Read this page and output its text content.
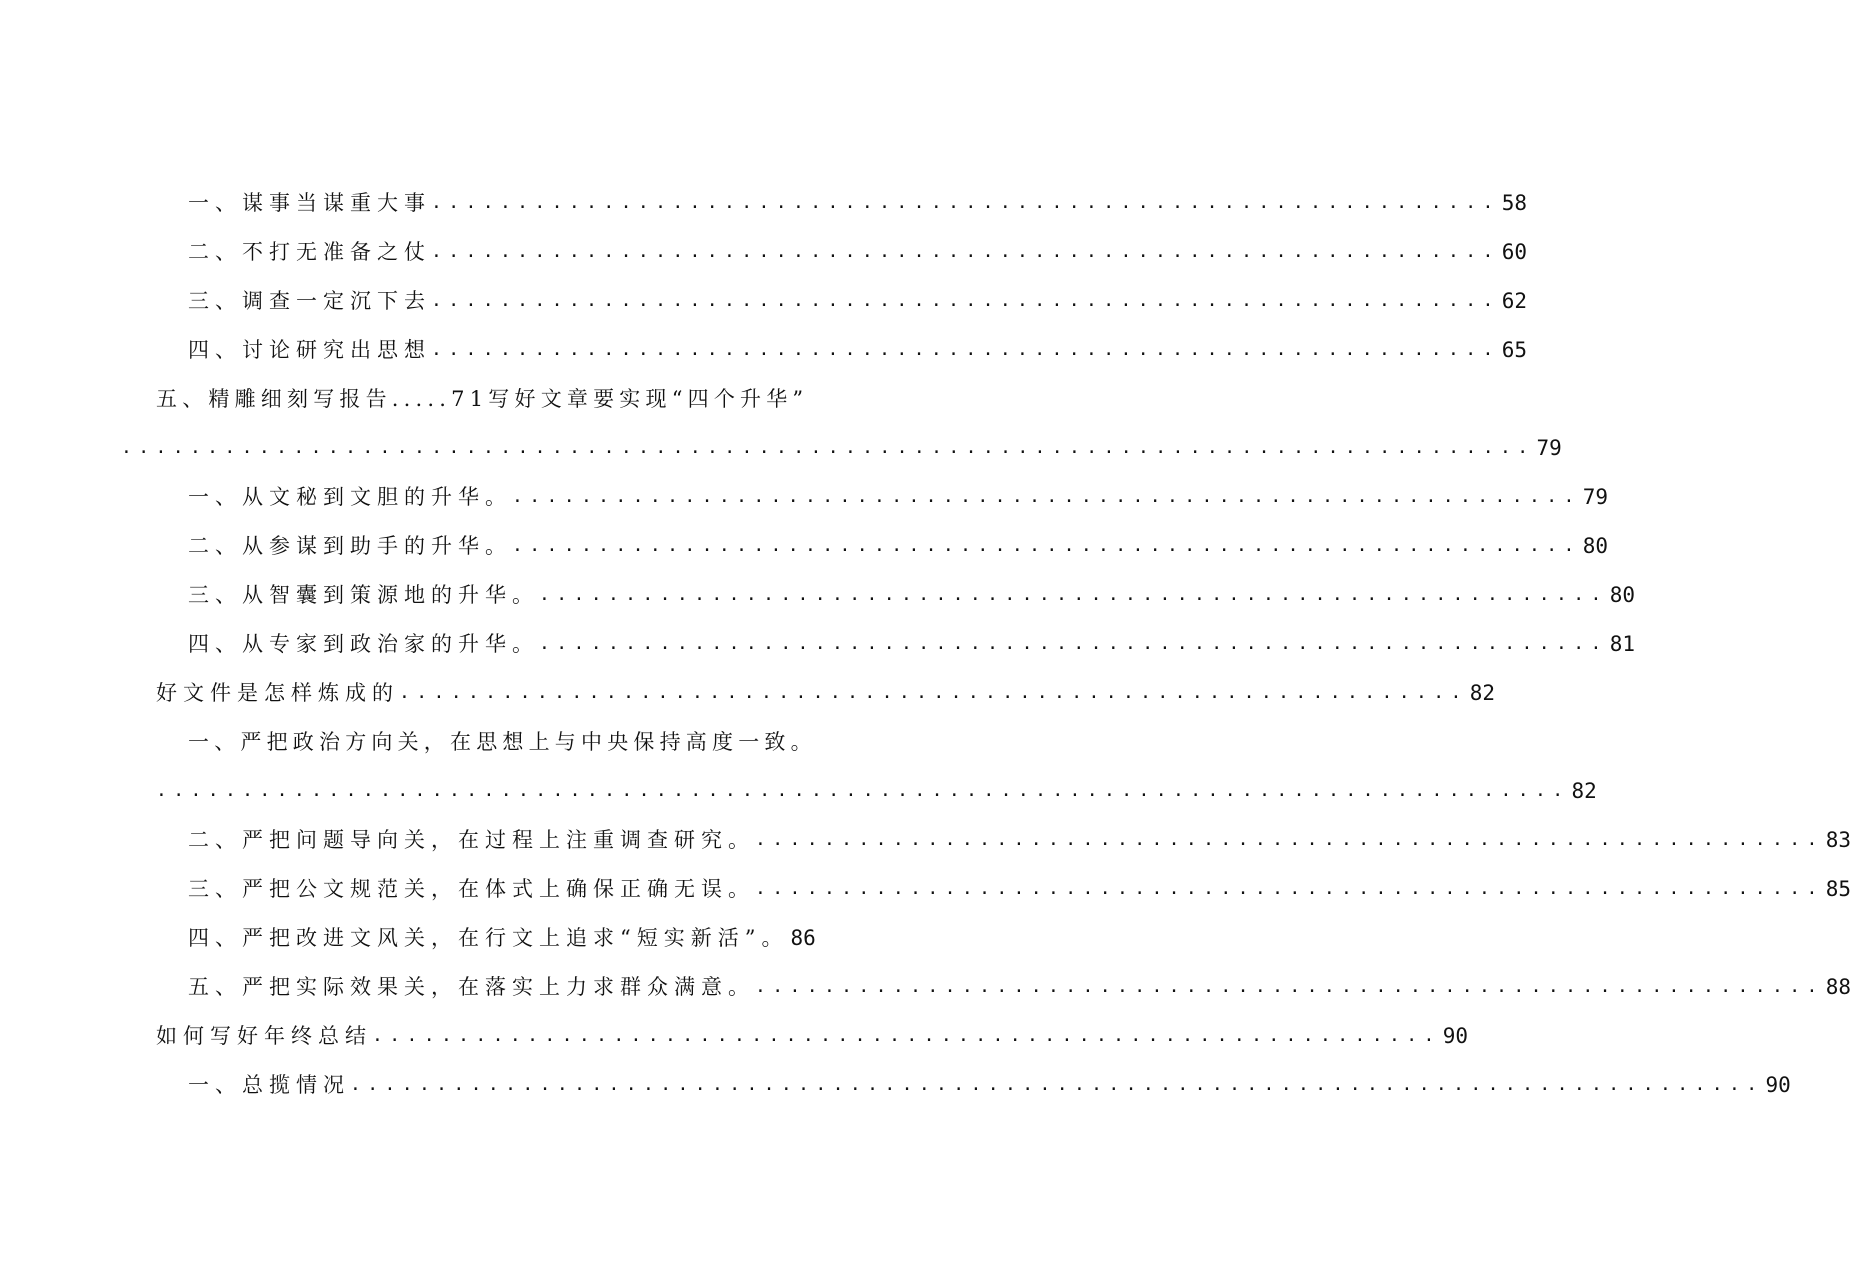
一、谋事当谋重大事 .............................................................. 58
二、不打无准备之仗 .............................................................. 60
三、调查一定沉下去 .............................................................. 62
四、讨论研究出思想 .............................................................. 65
五、精雕细刻写报告.....71写好文章要实现“四个升华”
.................................................................................. 79
一、从文秘到文胆的升华。 .............................................................. 79
二、从参谋到助手的升华。 .............................................................. 80
三、从智囊到策源地的升华。 .............................................................. 80
四、从专家到政治家的升华。 .............................................................. 81
好文件是怎样炼成的 .............................................................. 82
一、严把政治方向关，在思想上与中央保持高度一致。
.................................................................................. 82
二、严把问题导向关，在过程上注重调查研究。 .............................................................. 83
三、严把公文规范关，在体式上确保正确无误。 .............................................................. 85
四、严把改进文风关，在行文上追求“短实新活”。 86
五、严把实际效果关，在落实上力求群众满意。 .............................................................. 88
如何写好年终总结 .............................................................. 90
一、总揽情况 .................................................................................. 90
